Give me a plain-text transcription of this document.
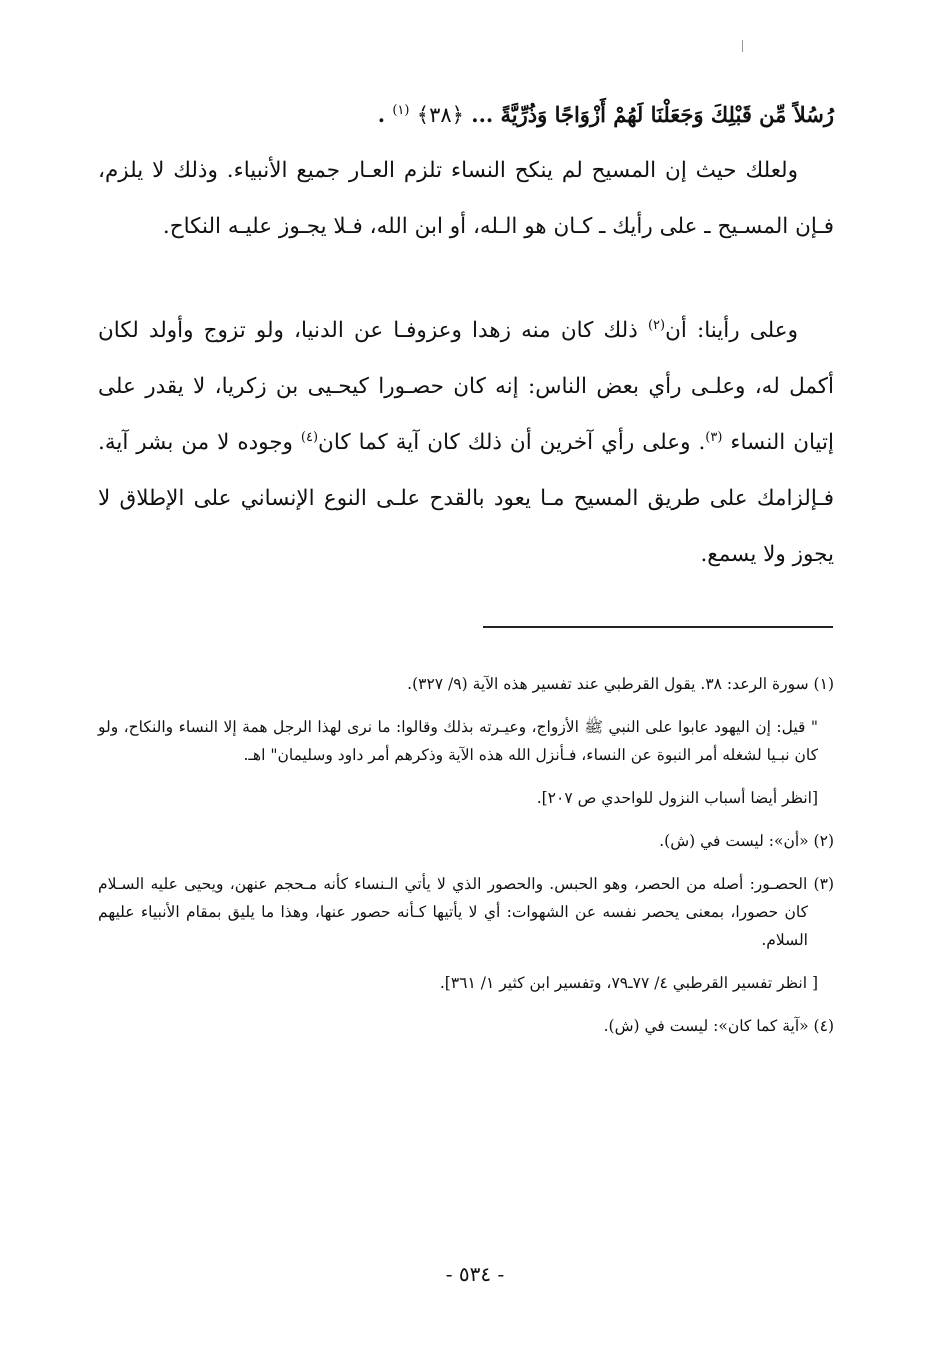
رُسُلاً مِّن قَبْلِكَ وَجَعَلْنَا لَهُمْ أَزْوَاجًا وَذُرِّيَّةً ... ﴿٣٨﴾ $^{(١)}$ .

ولعلك حيث إن المسيح لم ينكح النساء تلزم العـار جميع الأنبياء. وذلك لا يلزم، فـإن المسـيح ـ على رأيك ـ كـان هو الـله، أو ابن الله، فـلا يجـوز عليـه النكاح.

وعلى رأينا: أن$^{(٢)}$ ذلك كان منه زهدا وعزوفـا عن الدنيا، ولو تزوج وأولد لكان أكمل له، وعلـى رأي بعض الناس: إنه كان حصـورا كيحـيى بن زكريا، لا يقدر على إتيان النساء $^{(٣)}$. وعلى رأي آخرين أن ذلك كان آية كما كان$^{(٤)}$ وجوده لا من بشر آية. فـإلزامك على طريق المسيح مـا يعود بالقدح علـى النوع الإنساني على الإطلاق لا يجوز ولا يسمع.

(١) سورة الرعد: ٣٨. يقول القرطبي عند تفسير هذه الآية (٩/ ٣٢٧).
" قيل: إن اليهود عابوا على النبي ﷺ الأزواج، وعيـرته بذلك وقالوا: ما نرى لهذا الرجل همة إلا النساء والنكاح، ولو كان نبـيا لشغله أمر النبوة عن النساء، فـأنزل الله هذه الآية وذكرهم أمر داود وسليمان" اهـ.
[انظر أيضا أسباب النزول للواحدي ص ٢٠٧].
(٢) «أن»: ليست في (ش).
(٣) الحصـور: أصله من الحصر، وهو الحبس. والحصور الذي لا يأتي الـنساء كأنه مـحجم عنهن، ويحيى عليه السـلام كان حصورا، بمعنى يحصر نفسه عن الشهوات: أي لا يأتيها كـأنه حصور عنها، وهذا ما يليق بمقام الأنبياء عليهم السلام.
[ انظر تفسير القرطبي ٤/ ٧٧ـ٧٩، وتفسير ابن كثير ١/ ٣٦١].
(٤) «آية كما كان»: ليست في (ش).
- ٥٣٤ -
